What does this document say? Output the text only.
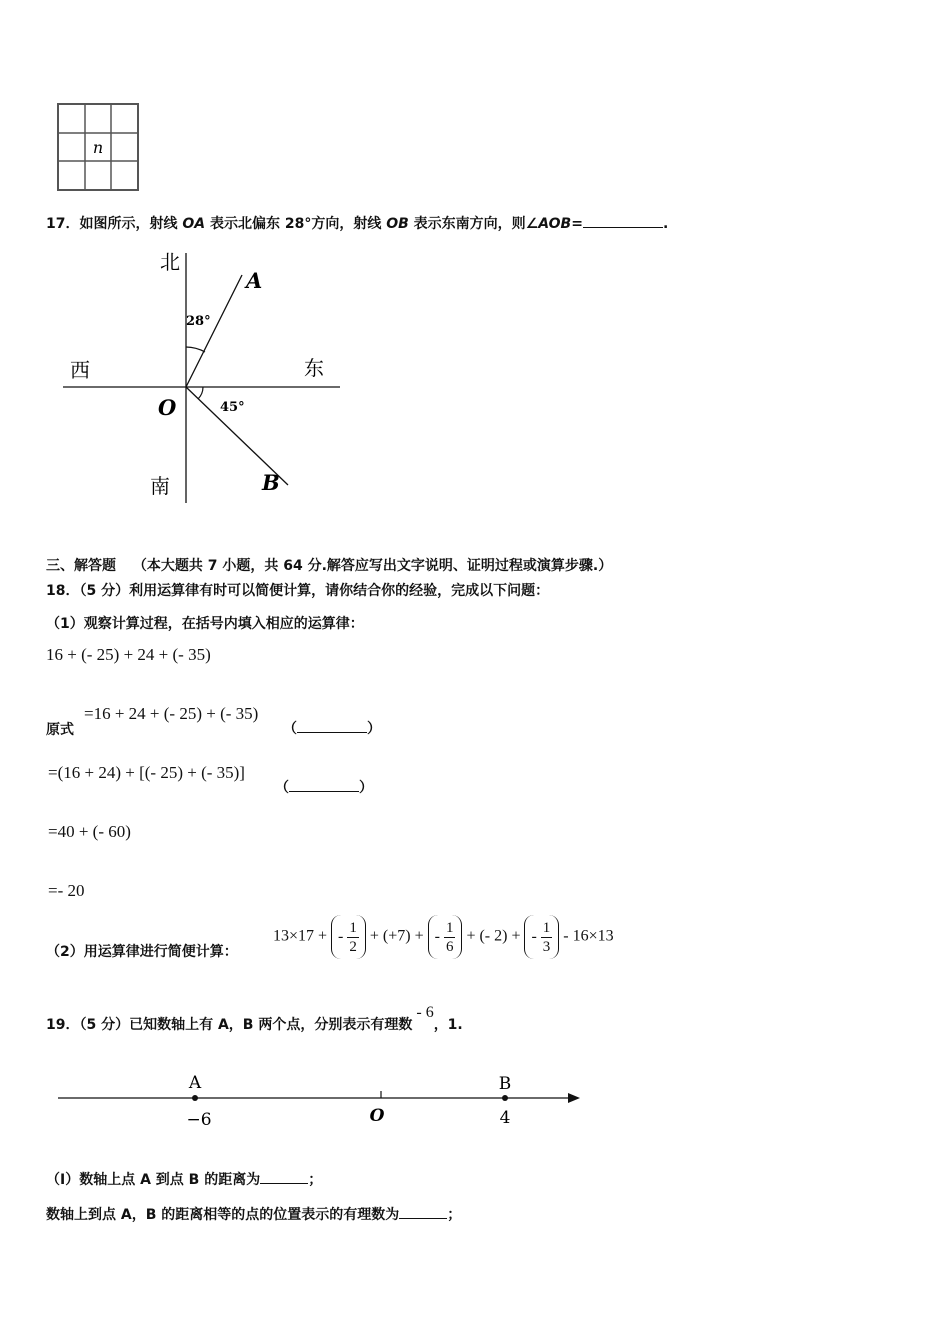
n
17．如图所示，射线 OA 表示北偏东 28°方向，射线 OB 表示东南方向，则∠AOB=	.
北
西	东
南
O
A
B
28°
45°
三、解答题 （本大题共 7 小题，共 64 分.解答应写出文字说明、证明过程或演算步骤.）
18．（5 分）利用运算律有时可以简便计算，请你结合你的经验，完成以下问题：
（1）观察计算过程，在括号内填入相应的运算律：
16 + (- 25) + 24 + (- 35)
原式
=16 + 24 + (- 25) + (- 35)
（	）
=(16 + 24) + [(- 25) + (- 35)]
（	）
=40 + (- 60)
=- 20
（2）用运算律进行简便计算：
13×17 + - $\frac{1}{2} + (+7)$ + - $\frac{1}{6}$ + (- 2) + - $\frac{1}{3} - 16\times 13$
19．（5 分）已知数轴上有 A，B 两个点，分别表示有理数- 6，1.
A	B
O
−6	4
（Ⅰ）数轴上点 A 到点 B 的距离为	；
数轴上到点 A，B 的距离相等的点的位置表示的有理数为	；
